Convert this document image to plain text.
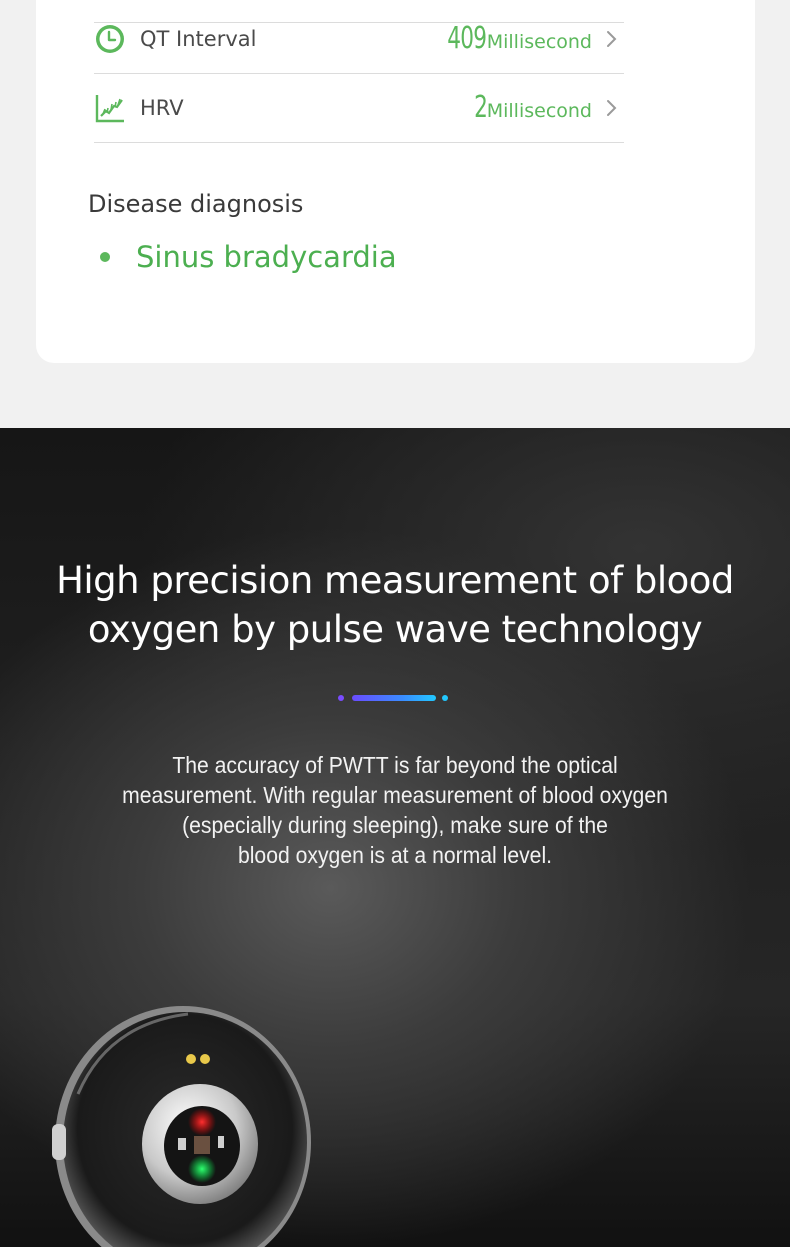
QT Interval	409 Millisecond
HRV	2 Millisecond
Disease diagnosis
Sinus bradycardia
High precision measurement of blood
oxygen by pulse wave technology

The accuracy of PWTT is far beyond the optical
measurement. With regular measurement of blood oxygen
(especially during sleeping), make sure of the
blood oxygen is at a normal level.
